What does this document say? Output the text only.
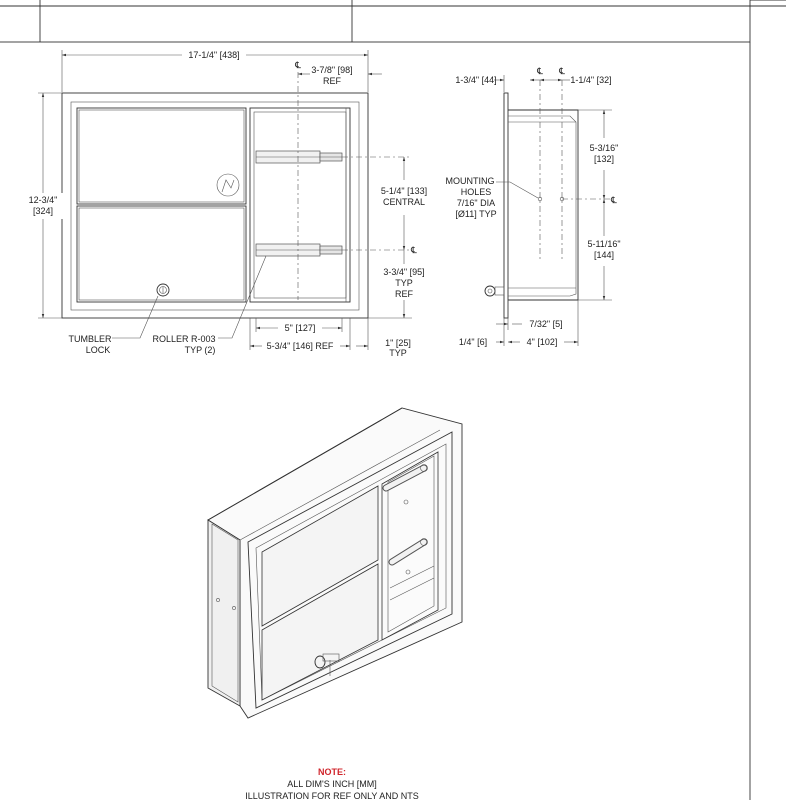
17-1/4" [438]
12-3/4"
[324]
℄ 3-7/8" [98]
REF
5-1/4" [133]
CENTRAL
℄
3-3/4" [95]
TYP
REF
5" [127]
5-3/4" [146] REF	1" [25]
TYP
TUMBLER
LOCK
ROLLER R-003
TYP (2)
℄ ℄
1-3/4" [44]	1-1/4" [32]
5-3/16"
[132]
℄
5-11/16"
[144]
MOUNTING
HOLES
7/16" DIA
[Ø11] TYP
7/32" [5]
1/4" [6]	4" [102]
NOTE:
ALL DIM'S INCH [MM]
ILLUSTRATION FOR REF ONLY AND NTS
